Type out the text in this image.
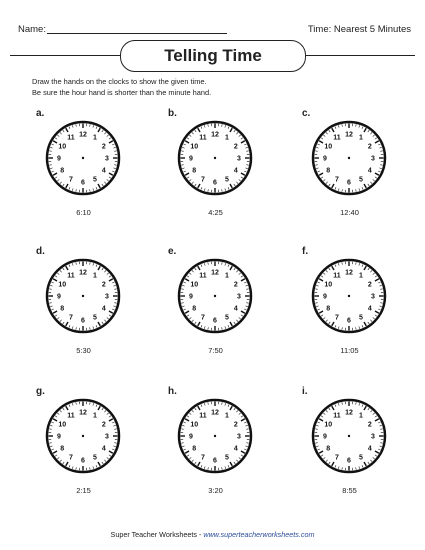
Name:	Time: Nearest 5 Minutes
Telling Time
Draw the hands on the clocks to show the given time.
Be sure the hour hand is shorter than the minute hand.
12 1
2
3
4
5
6
7
8
9
10
11
a.
6:10
12 1
2
3
4
5
6
7
8
9
10
11
b.
4:25
12 1
2
3
4
5
6
7
8
9
10
11
c.
12:40
12 1
2
3
4
5
6
7
8
9
10
11
d.
5:30
12 1
2
3
4
5
6
7
8
9
10
11
e.
7:50
12 1
2
3
4
5
6
7
8
9
10
11
f.
11:05
12 1
2
3
4
5
6
7
8
9
10
11
g.
2:15
12 1
2
3
4
5
6
7
8
9
10
11
h.
3:20
12 1
2
3
4
5
6
7
8
9
10
11
i.
8:55
Super Teacher Worksheets - www.superteacherworksheets.com
